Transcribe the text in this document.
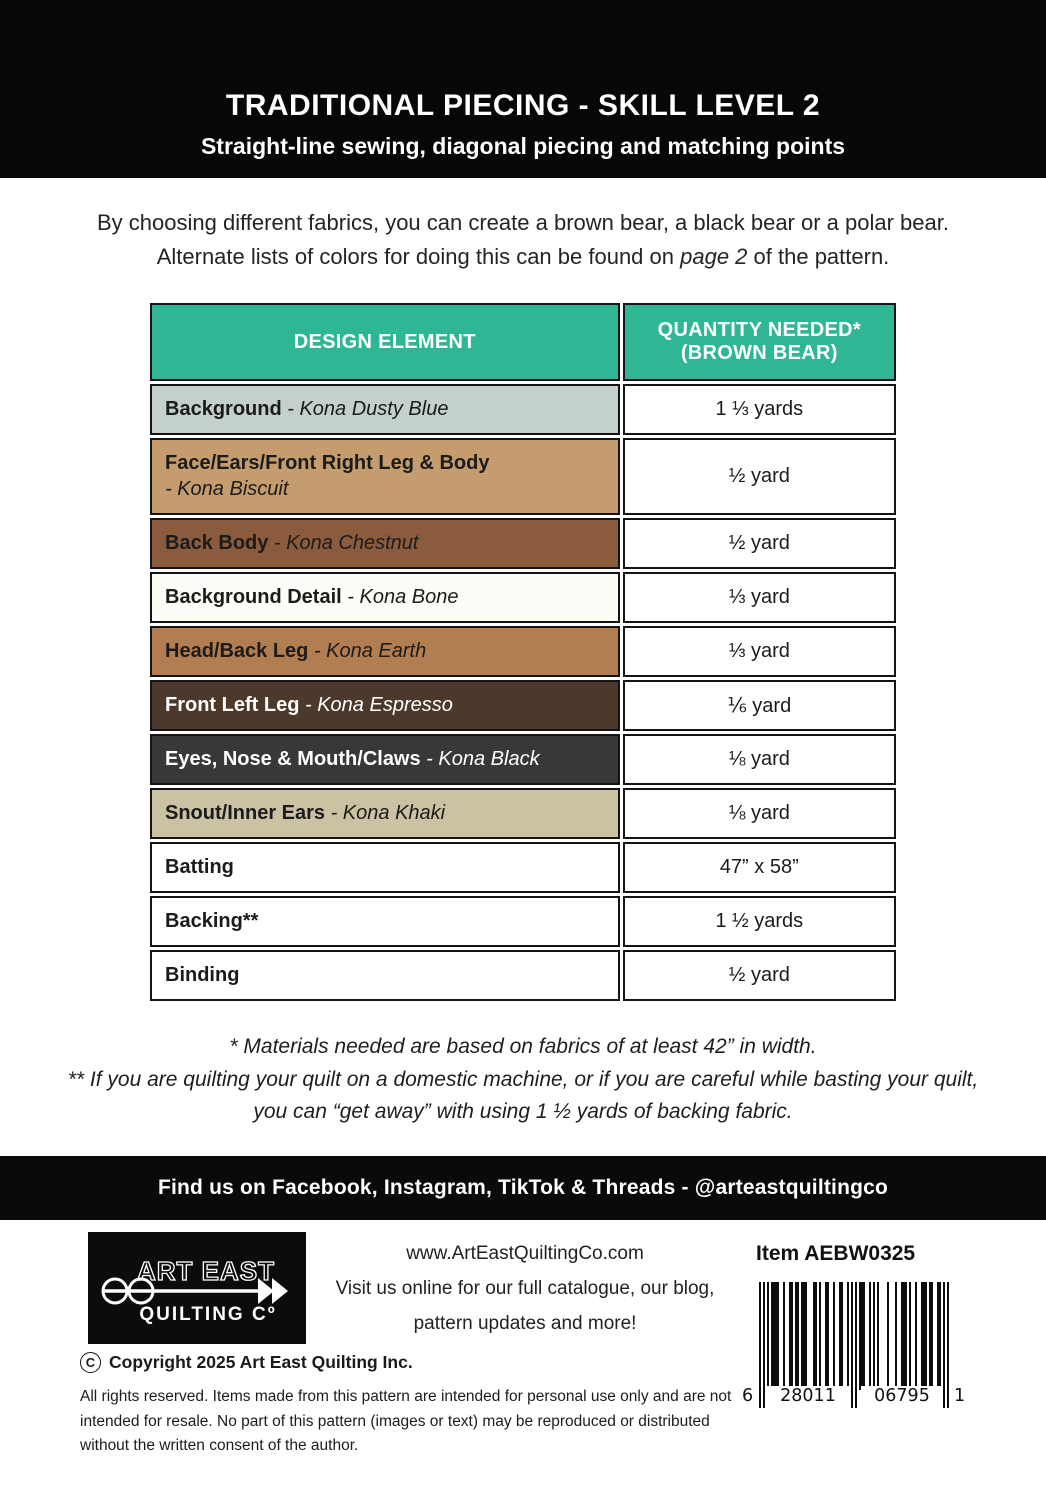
TRADITIONAL PIECING - SKILL LEVEL 2
Straight-line sewing, diagonal piecing and matching points

By choosing different fabrics, you can create a brown bear, a black bear or a polar bear. Alternate lists of colors for doing this can be found on page 2 of the pattern.

DESIGN ELEMENT	QUANTITY NEEDED*
(BROWN BEAR)

Background - Kona Dusty Blue	1 ⅓ yards
Face/Ears/Front Right Leg & Body
- Kona Biscuit	½ yard
Back Body - Kona Chestnut	½ yard
Background Detail - Kona Bone	⅓ yard
Head/Back Leg - Kona Earth	⅓ yard
Front Left Leg - Kona Espresso	⅙ yard
Eyes, Nose & Mouth/Claws - Kona Black	⅛ yard
Snout/Inner Ears - Kona Khaki	⅛ yard
Batting	47” x 58”
Backing**	1 ½ yards
Binding	½ yard
* Materials needed are based on fabrics of at least 42” in width.
** If you are quilting your quilt on a domestic machine, or if you are careful while basting your quilt, you can “get away” with using 1 ½ yards of backing fabric.
Find us on Facebook, Instagram, TikTok & Threads - @arteastquiltingco
ART EAST
QUILTING Cº
www.ArtEastQuiltingCo.com
Visit us online for our full catalogue, our blog, pattern updates and more!
Item AEBW0325
6	28011	06795	1
C Copyright 2025 Art East Quilting Inc.
All rights reserved. Items made from this pattern are intended for personal use only and are not intended for resale. No part of this pattern (images or text) may be reproduced or distributed without the written consent of the author.
